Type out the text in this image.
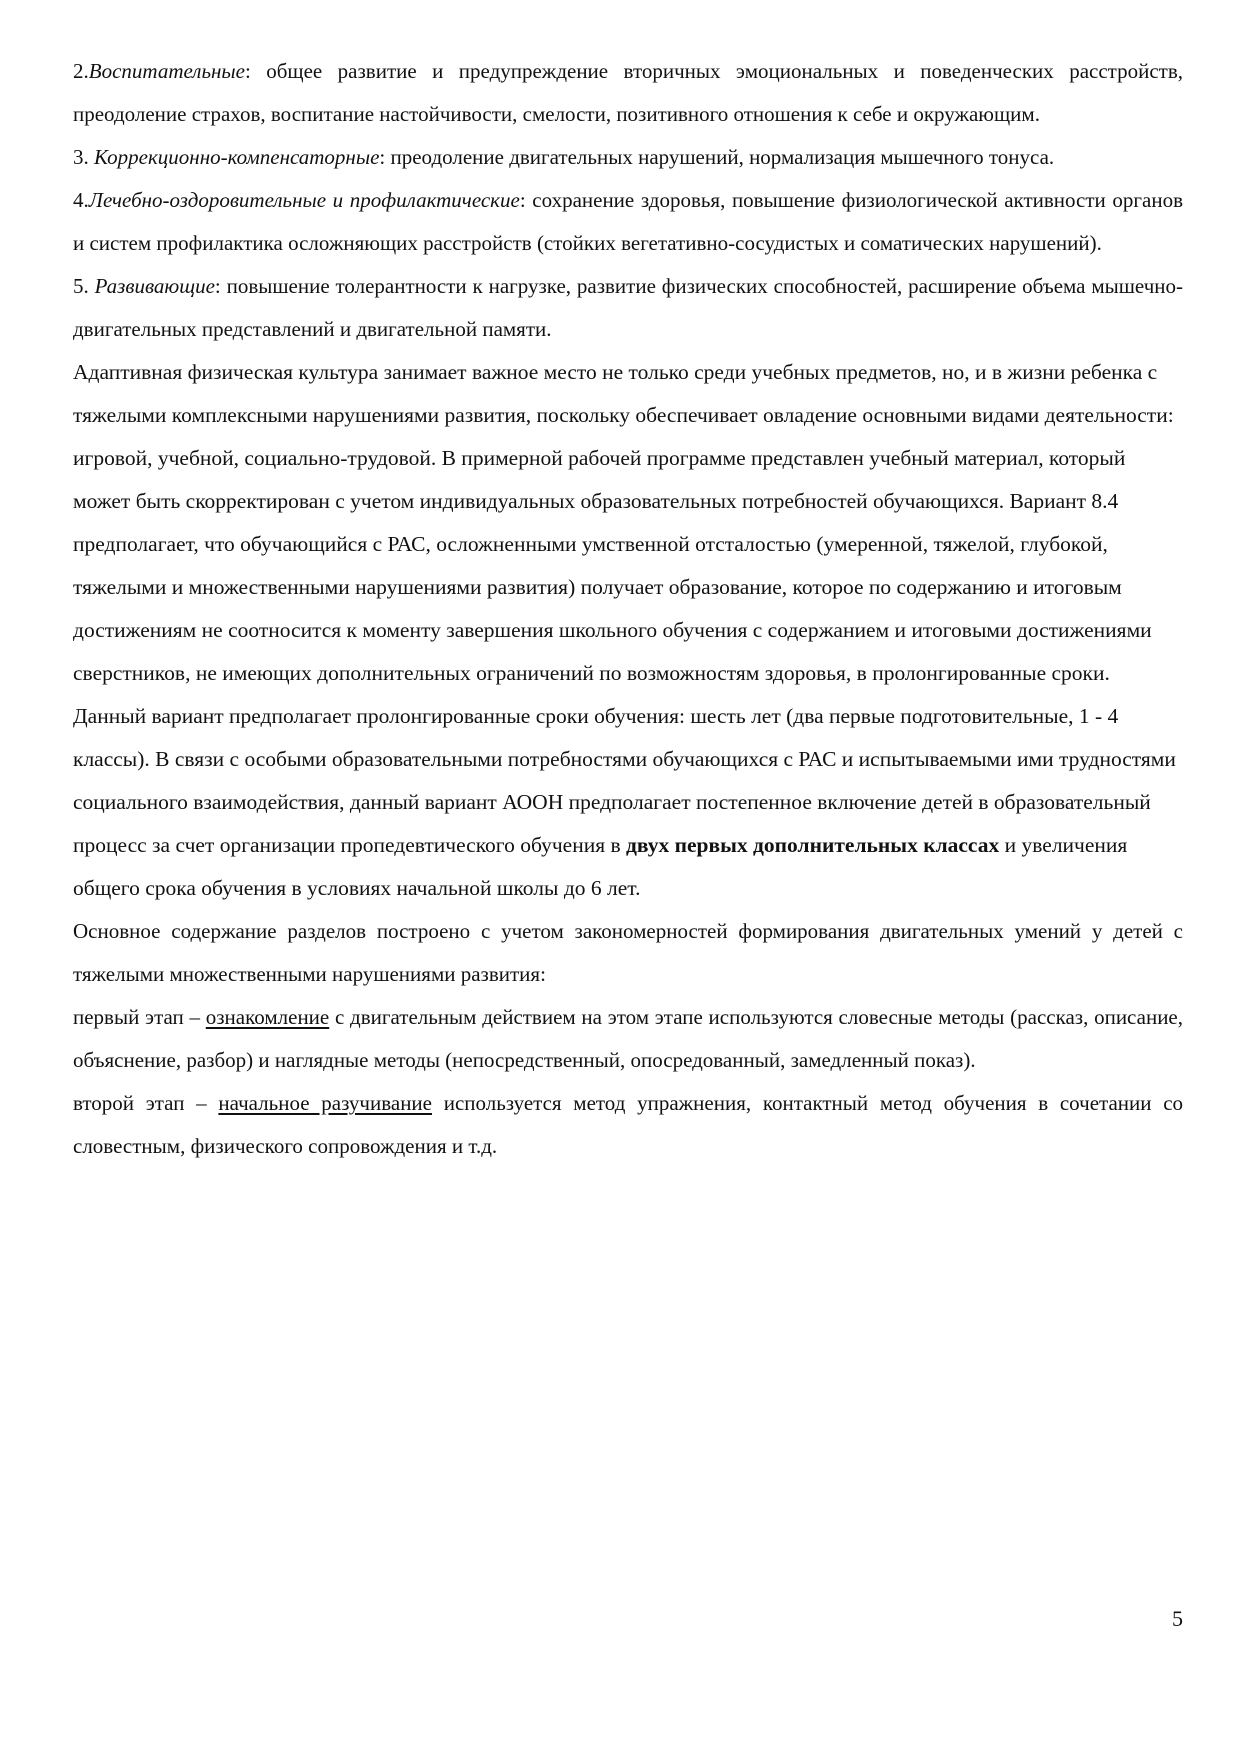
2.Воспитательные: общее развитие и предупреждение вторичных эмоциональных и поведенческих расстройств, преодоление страхов, воспитание настойчивости, смелости, позитивного отношения к себе и окружающим.

3. Коррекционно-компенсаторные: преодоление двигательных нарушений, нормализация мышечного тонуса.

4.Лечебно-оздоровительные и профилактические: сохранение здоровья, повышение физиологической активности органов и систем профилактика осложняющих расстройств (стойких вегетативно-сосудистых и соматических нарушений).

5. Развивающие: повышение толерантности к нагрузке, развитие физических способностей, расширение объема мышечно-двигательных представлений и двигательной памяти.

Адаптивная физическая культура занимает важное место не только среди учебных предметов, но, и в жизни ребенка с тяжелыми комплексными нарушениями развития, поскольку обеспечивает овладение основными видами деятельности: игровой, учебной, социально-трудовой. В примерной рабочей программе представлен учебный материал, который может быть скорректирован с учетом индивидуальных образовательных потребностей обучающихся. Вариант 8.4 предполагает, что обучающийся с РАС, осложненными умственной отсталостью (умеренной, тяжелой, глубокой, тяжелыми и множественными нарушениями развития) получает образование, которое по содержанию и итоговым достижениям не соотносится к моменту завершения школьного обучения с содержанием и итоговыми достижениями сверстников, не имеющих дополнительных ограничений по возможностям здоровья, в пролонгированные сроки. Данный вариант предполагает пролонгированные сроки обучения: шесть лет (два первые подготовительные, 1 - 4 классы). В связи с особыми образовательными потребностями обучающихся с РАС и испытываемыми ими трудностями социального взаимодействия, данный вариант АООН предполагает постепенное включение детей в образовательный процесс за счет организации пропедевтического обучения в двух первых дополнительных классах и увеличения общего срока обучения в условиях начальной школы до 6 лет.

Основное содержание разделов построено с учетом закономерностей формирования двигательных умений у детей с тяжелыми множественными нарушениями развития:

первый этап – ознакомление с двигательным действием на этом этапе используются словесные методы (рассказ, описание, объяснение, разбор) и наглядные методы (непосредственный, опосредованный, замедленный показ).

второй этап – начальное разучивание используется метод упражнения, контактный метод обучения в сочетании со словестным, физического сопровождения и т.д.

5
